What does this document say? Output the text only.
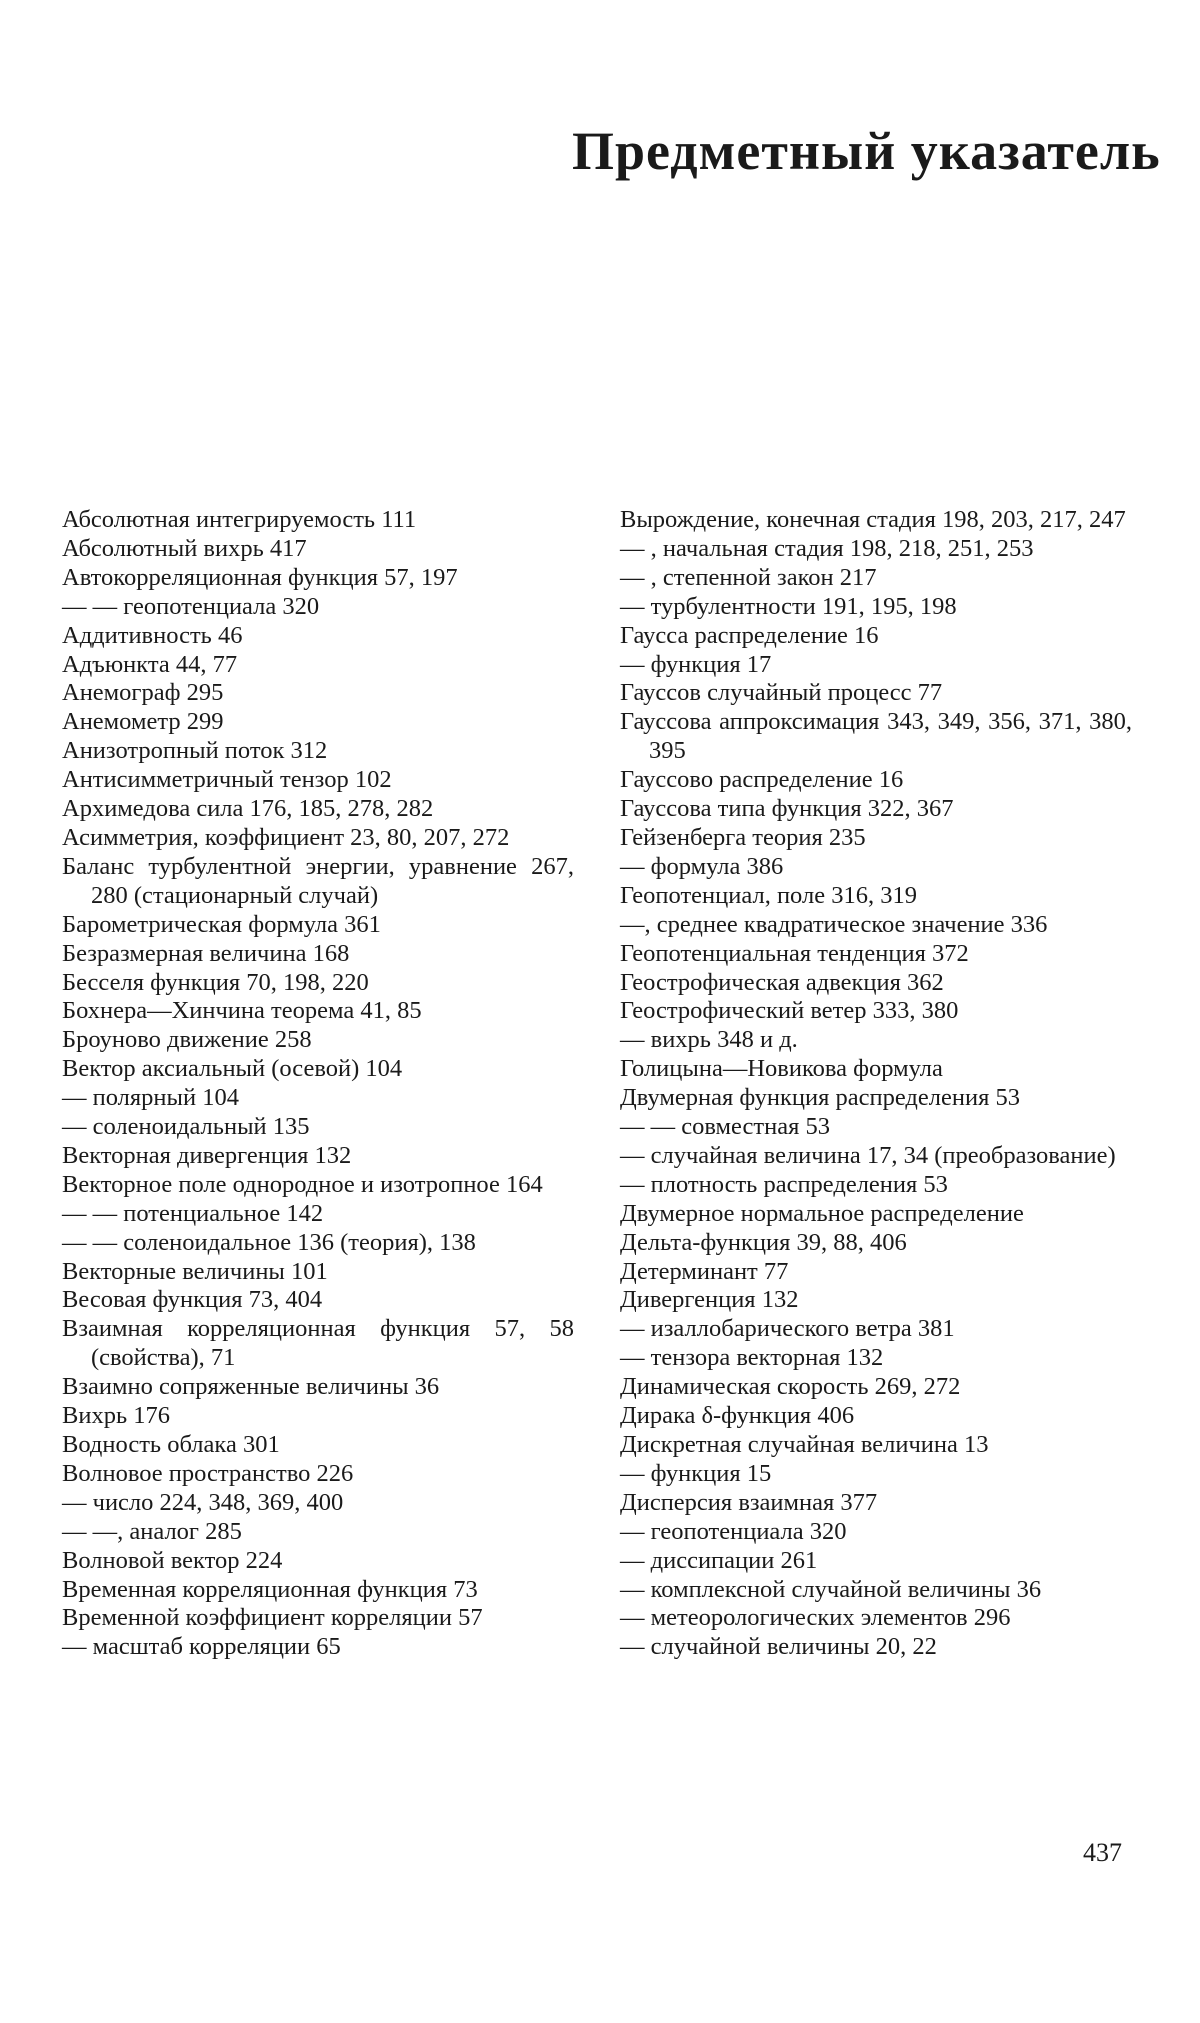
Предметный указатель

Абсолютная интегрируемость 111

Абсолютный вихрь 417

Автокорреляционная функция 57, 197

— — геопотенциала 320

Аддитивность 46

Адъюнкта 44, 77

Анемограф 295

Анемометр 299

Анизотропный поток 312

Антисимметричный тензор 102

Архимедова сила 176, 185, 278, 282

Асимметрия, коэффициент 23, 80, 207, 272

Баланс турбулентной энергии, уравнение 267, 280 (стационарный случай)

Барометрическая формула 361

Безразмерная величина 168

Бесселя функция 70, 198, 220

Бохнера—Хинчина теорема 41, 85

Броуново движение 258

Вектор аксиальный (осевой) 104

— полярный 104

— соленоидальный 135

Векторная дивергенция 132

Векторное поле однородное и изотропное 164

— — потенциальное 142

— — соленоидальное 136 (теория), 138

Векторные величины 101

Весовая функция 73, 404

Взаимная корреляционная функция 57, 58 (свойства), 71

Взаимно сопряженные величины 36

Вихрь 176

Водность облака 301

Волновое пространство 226

— число 224, 348, 369, 400

— —, аналог 285

Волновой вектор 224

Временная корреляционная функция 73

Временной коэффициент корреляции 57

— масштаб корреляции 65

Вырождение, конечная стадия 198, 203, 217, 247

— , начальная стадия 198, 218, 251, 253

— , степенной закон 217

— турбулентности 191, 195, 198

Гаусса распределение 16

— функция 17

Гауссов случайный процесс 77

Гауссова аппроксимация 343, 349, 356, 371, 380, 395

Гауссово распределение 16

Гауссова типа функция 322, 367

Гейзенберга теория 235

— формула 386

Геопотенциал, поле 316, 319

—, среднее квадратическое значение 336

Геопотенциальная тенденция 372

Геострофическая адвекция 362

Геострофический ветер 333, 380

— вихрь 348 и д.

Голицына—Новикова формула

Двумерная функция распределения 53

— — совместная 53

— случайная величина 17, 34 (преобразование)

— плотность распределения 53

Двумерное нормальное распределение

Дельта-функция 39, 88, 406

Детерминант 77

Дивергенция 132

— изаллобарического ветра 381

— тензора векторная 132

Динамическая скорость 269, 272

Дирака δ-функция 406

Дискретная случайная величина 13

— функция 15

Дисперсия взаимная 377

— геопотенциала 320

— диссипации 261

— комплексной случайной величины 36

— метеорологических элементов 296

— случайной величины 20, 22

437
